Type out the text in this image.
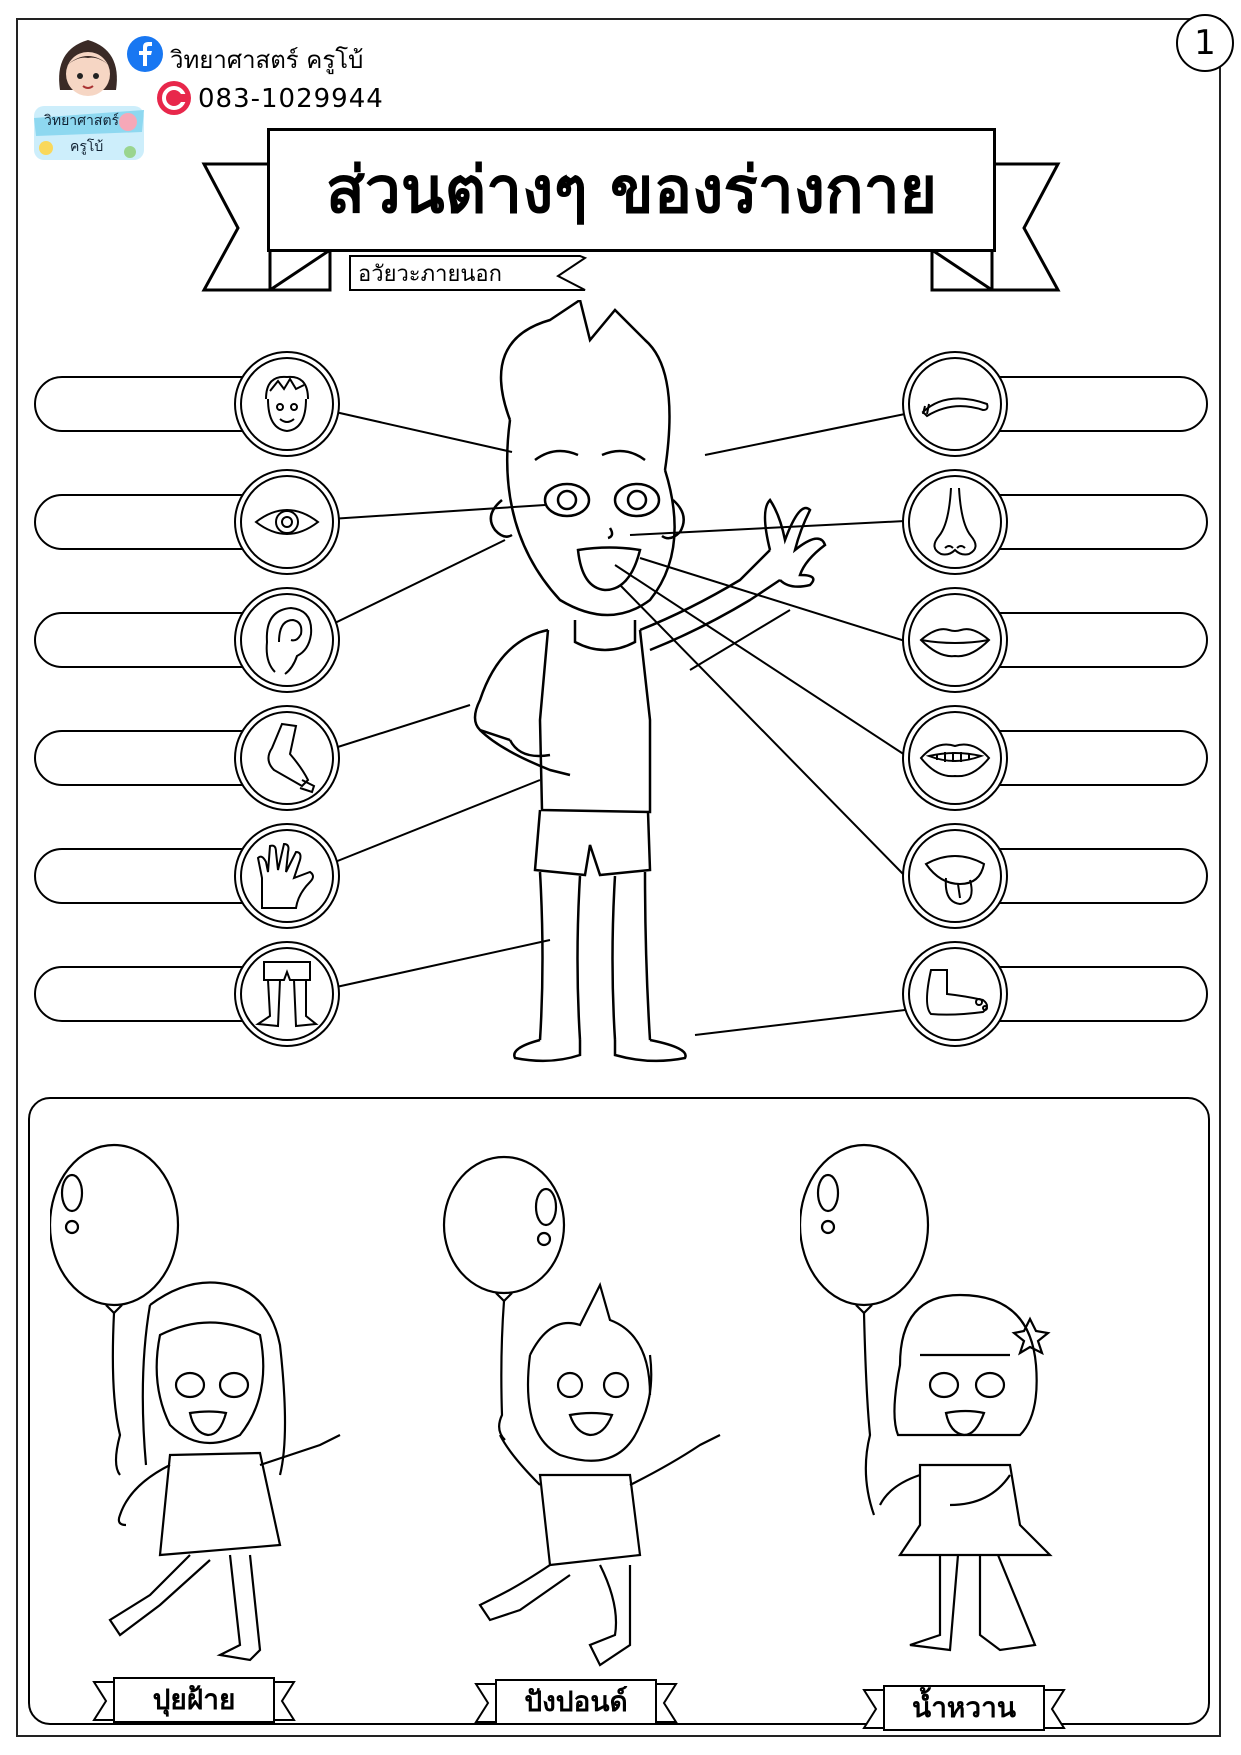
1
วิทยาศาสตร์
ครูโบ้
วิทยาศาสตร์ ครูโบ้
083-1029944
ส่วนต่างๆ ของร่างกาย
อวัยวะภายนอก
ปุยฝ้าย	ปังปอนด์	น้ำหวาน
